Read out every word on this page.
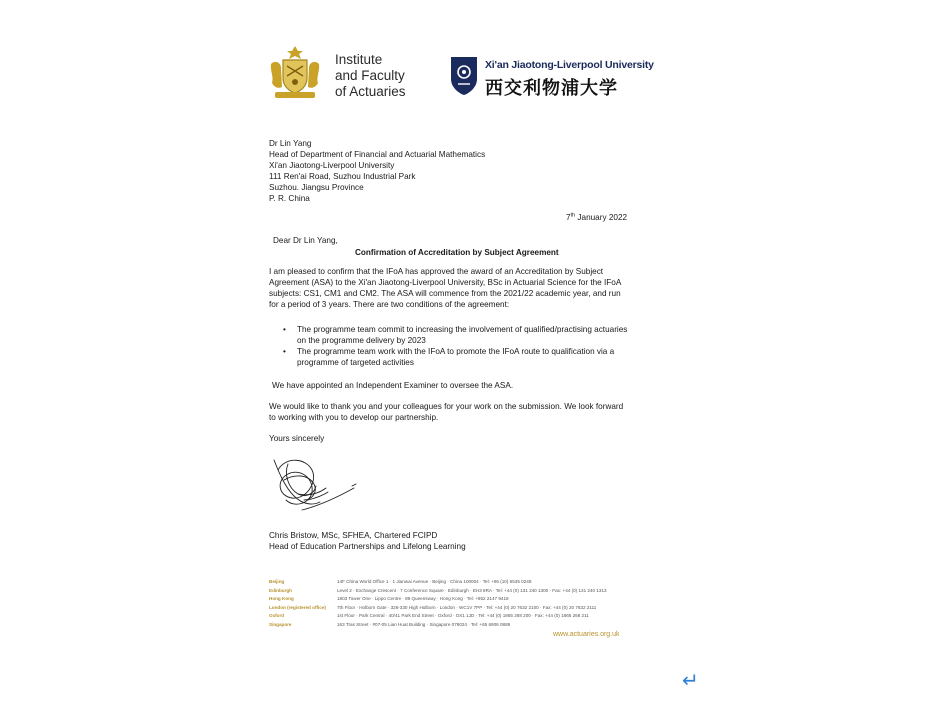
Institute
and Faculty
of Actuaries
Xi'an Jiaotong-Liverpool University
西交利物浦大学
Dr Lin Yang
Head of Department of Financial and Actuarial Mathematics
Xi'an Jiaotong-Liverpool University
111 Ren'ai Road, Suzhou Industrial Park
Suzhou. Jiangsu Province
P. R. China
7th January 2022
Dear Dr Lin Yang,
Confirmation of Accreditation by Subject Agreement
I am pleased to confirm that the IFoA has approved the award of an Accreditation by Subject Agreement (ASA) to the Xi'an Jiaotong-Liverpool University, BSc in Actuarial Science for the IFoA subjects: CS1, CM1 and CM2. The ASA will commence from the 2021/22 academic year, and run for a period of 3 years. There are two conditions of the agreement:
• The programme team commit to increasing the involvement of qualified/practising actuaries on the programme delivery by 2023
• The programme team work with the IFoA to promote the IFoA route to qualification via a programme of targeted activities
We have appointed an Independent Examiner to oversee the ASA.
We would like to thank you and your colleagues for your work on the submission. We look forward to working with you to develop our partnership.
Yours sincerely
Chris Bristow, MSc, SFHEA, Chartered FCIPD
Head of Education Partnerships and Lifelong Learning
Beijing	14F China World Office 1 · 1 Jianwai Avenue · Beijing · China 100004 · Tel: +86 (10) 6535 0248
Edinburgh	Level 2 · Exchange Crescent · 7 Conference Square · Edinburgh · EH3 8RA · Tel: +44 (0) 131 240 1300 · Fax: +44 (0) 131 240 1313
Hong Kong	1803 Tower One · Lippo Centre · 89 Queensway · Hong Kong · Tel: +852 2147 9418
London (registered office) 7th Floor · Holborn Gate · 326-330 High Holborn · London · WC1V 7PP · Tel: +44 (0) 20 7632 2100 · Fax: +44 (0) 20 7632 2111
Oxford	1st Floor · Park Central · 40/41 Park End Street · Oxford · OX1 1JD · Tel: +44 (0) 1865 268 200 · Fax: +44 (0) 1865 268 211
Singapore	163 Tras Street · #07-05 Lian Huat Building · Singapore 079024 · Tel: +65 6906 0889
www.actuaries.org.uk
↵
